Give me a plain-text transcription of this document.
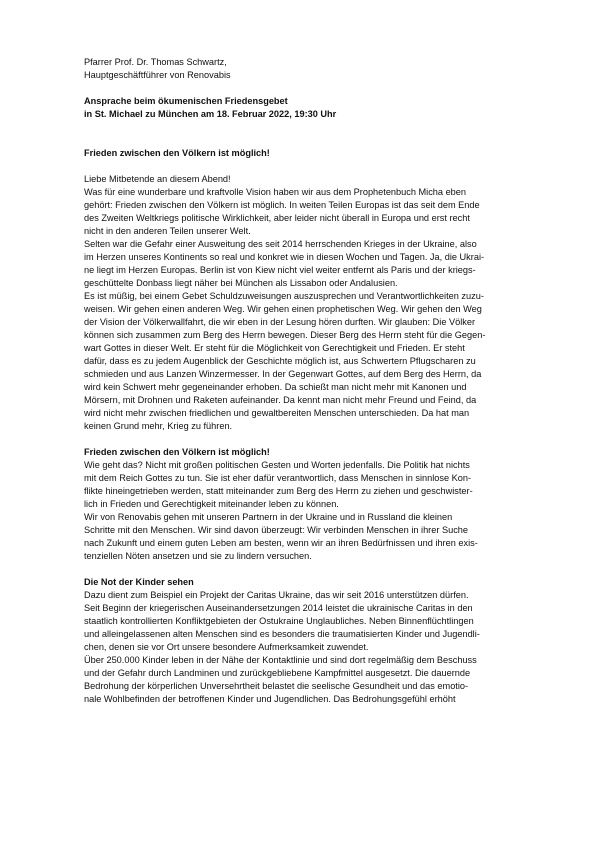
Pfarrer Prof. Dr. Thomas Schwartz,
Hauptgeschäftführer von Renovabis
Ansprache beim ökumenischen Friedensgebet
in St. Michael zu München am 18. Februar 2022, 19:30 Uhr
Frieden zwischen den Völkern ist möglich!
Liebe Mitbetende an diesem Abend!
Was für eine wunderbare und kraftvolle Vision haben wir aus dem Prophetenbuch Micha eben
gehört: Frieden zwischen den Völkern ist möglich. In weiten Teilen Europas ist das seit dem Ende
des Zweiten Weltkriegs politische Wirklichkeit, aber leider nicht überall in Europa und erst recht
nicht in den anderen Teilen unserer Welt.
Selten war die Gefahr einer Ausweitung des seit 2014 herrschenden Krieges in der Ukraine, also
im Herzen unseres Kontinents so real und konkret wie in diesen Wochen und Tagen. Ja, die Ukrai-
ne liegt im Herzen Europas. Berlin ist von Kiew nicht viel weiter entfernt als Paris und der kriegs-
geschüttelte Donbass liegt näher bei München als Lissabon oder Andalusien.
Es ist müßig, bei einem Gebet Schuldzuweisungen auszusprechen und Verantwortlichkeiten zuzu-
weisen. Wir gehen einen anderen Weg. Wir gehen einen prophetischen Weg. Wir gehen den Weg
der Vision der Völkerwallfahrt, die wir eben in der Lesung hören durften. Wir glauben: Die Völker
können sich zusammen zum Berg des Herrn bewegen. Dieser Berg des Herrn steht für die Gegen-
wart Gottes in dieser Welt. Er steht für die Möglichkeit von Gerechtigkeit und Frieden. Er steht
dafür, dass es zu jedem Augenblick der Geschichte möglich ist, aus Schwertern Pflugscharen zu
schmieden und aus Lanzen Winzermesser. In der Gegenwart Gottes, auf dem Berg des Herrn, da
wird kein Schwert mehr gegeneinander erhoben. Da schießt man nicht mehr mit Kanonen und
Mörsern, mit Drohnen und Raketen aufeinander. Da kennt man nicht mehr Freund und Feind, da
wird nicht mehr zwischen friedlichen und gewaltbereiten Menschen unterschieden. Da hat man
keinen Grund mehr, Krieg zu führen.
Frieden zwischen den Völkern ist möglich!
Wie geht das? Nicht mit großen politischen Gesten und Worten jedenfalls. Die Politik hat nichts
mit dem Reich Gottes zu tun. Sie ist eher dafür verantwortlich, dass Menschen in sinnlose Kon-
flikte hineingetrieben werden, statt miteinander zum Berg des Herrn zu ziehen und geschwister-
lich in Frieden und Gerechtigkeit miteinander leben zu können.
Wir von Renovabis gehen mit unseren Partnern in der Ukraine und in Russland die kleinen
Schritte mit den Menschen. Wir sind davon überzeugt: Wir verbinden Menschen in ihrer Suche
nach Zukunft und einem guten Leben am besten, wenn wir an ihren Bedürfnissen und ihren exis-
tenziellen Nöten ansetzen und sie zu lindern versuchen.
Die Not der Kinder sehen
Dazu dient zum Beispiel ein Projekt der Caritas Ukraine, das wir seit 2016 unterstützen dürfen.
Seit Beginn der kriegerischen Auseinandersetzungen 2014 leistet die ukrainische Caritas in den
staatlich kontrollierten Konfliktgebieten der Ostukraine Unglaubliches. Neben Binnenflüchtlingen
und alleingelassenen alten Menschen sind es besonders die traumatisierten Kinder und Jugendli-
chen, denen sie vor Ort unsere besondere Aufmerksamkeit zuwendet.
Über 250.000 Kinder leben in der Nähe der Kontaktlinie und sind dort regelmäßig dem Beschuss
und der Gefahr durch Landminen und zurückgebliebene Kampfmittel ausgesetzt. Die dauernde
Bedrohung der körperlichen Unversehrtheit belastet die seelische Gesundheit und das emotio-
nale Wohlbefinden der betroffenen Kinder und Jugendlichen. Das Bedrohungsgefühl erhöht
